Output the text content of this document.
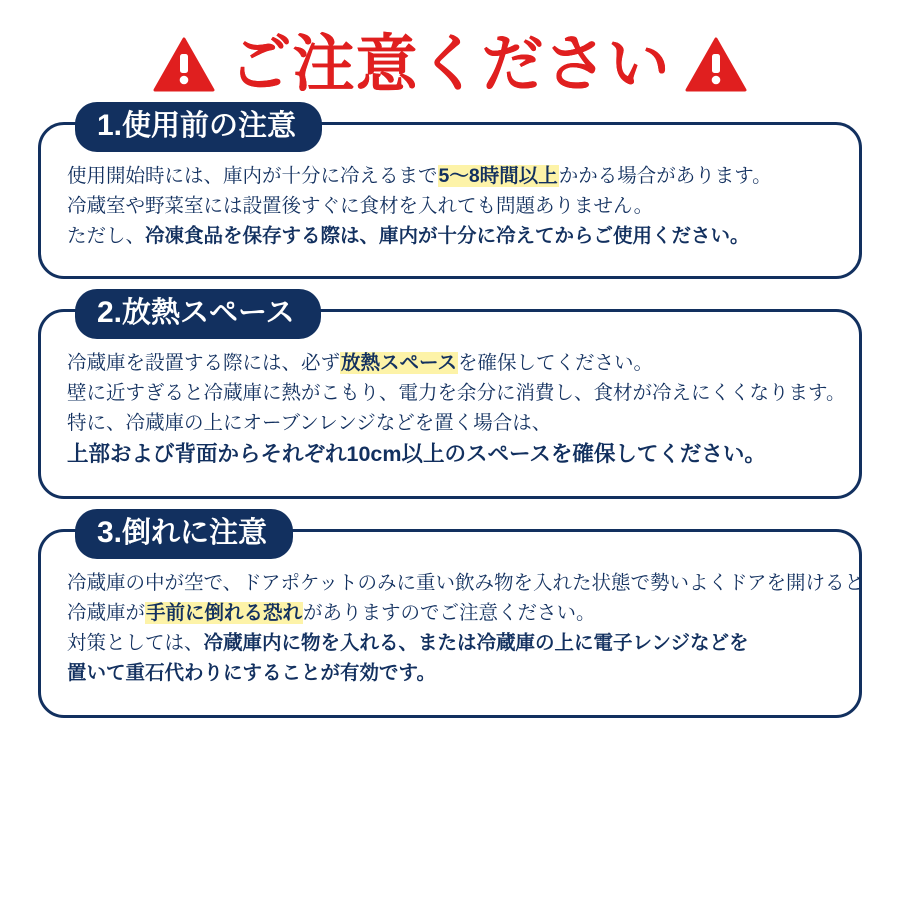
ご注意ください
1.使用前の注意
使用開始時には、庫内が十分に冷えるまで5〜8時間以上かかる場合があります。
冷蔵室や野菜室には設置後すぐに食材を入れても問題ありません。
ただし、冷凍食品を保存する際は、庫内が十分に冷えてからご使用ください。
2.放熱スペース
冷蔵庫を設置する際には、必ず放熱スペースを確保してください。
壁に近すぎると冷蔵庫に熱がこもり、電力を余分に消費し、食材が冷えにくくなります。
特に、冷蔵庫の上にオーブンレンジなどを置く場合は、
上部および背面からそれぞれ10cm以上のスペースを確保してください。
3.倒れに注意
冷蔵庫の中が空で、ドアポケットのみに重い飲み物を入れた状態で勢いよくドアを開けると
冷蔵庫が手前に倒れる恐れがありますのでご注意ください。
対策としては、冷蔵庫内に物を入れる、または冷蔵庫の上に電子レンジなどを
置いて重石代わりにすることが有効です。
